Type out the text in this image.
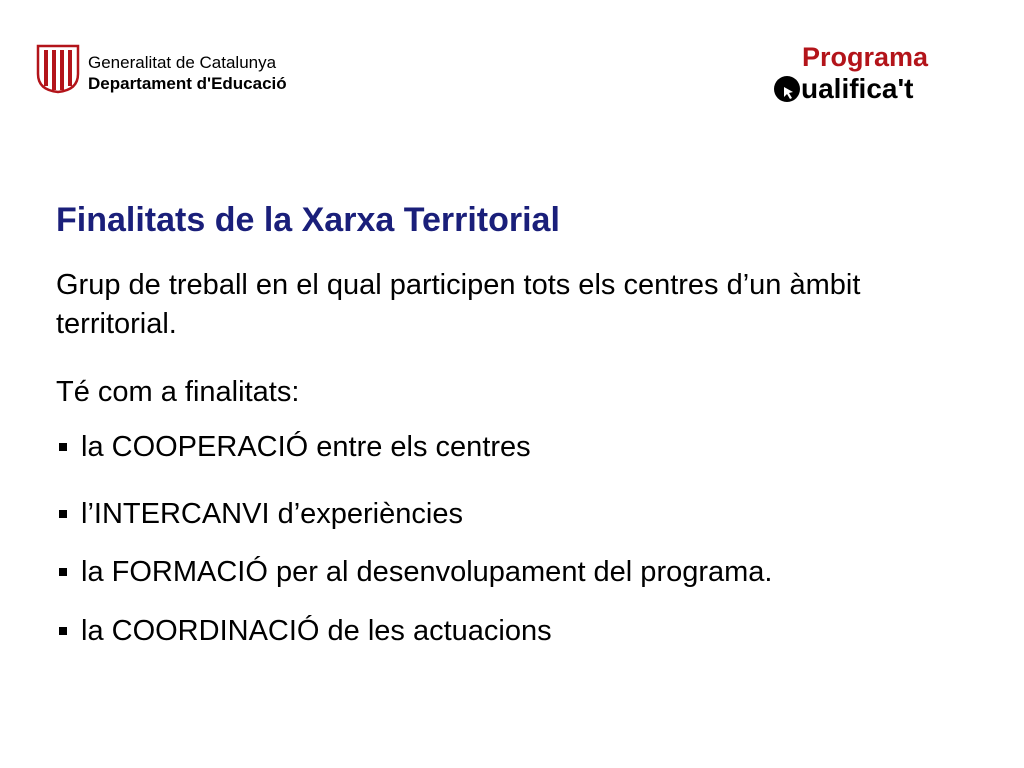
Generalitat de Catalunya
Departament d'Educació
Programa
ualifica't
Finalitats de la Xarxa Territorial

Grup de treball en el qual participen tots els centres d’un àmbit territorial.

Té com a finalitats:

la COOPERACIÓ entre els centres
l’INTERCANVI d’experiències
la FORMACIÓ per al desenvolupament del programa.
la COORDINACIÓ de les actuacions
